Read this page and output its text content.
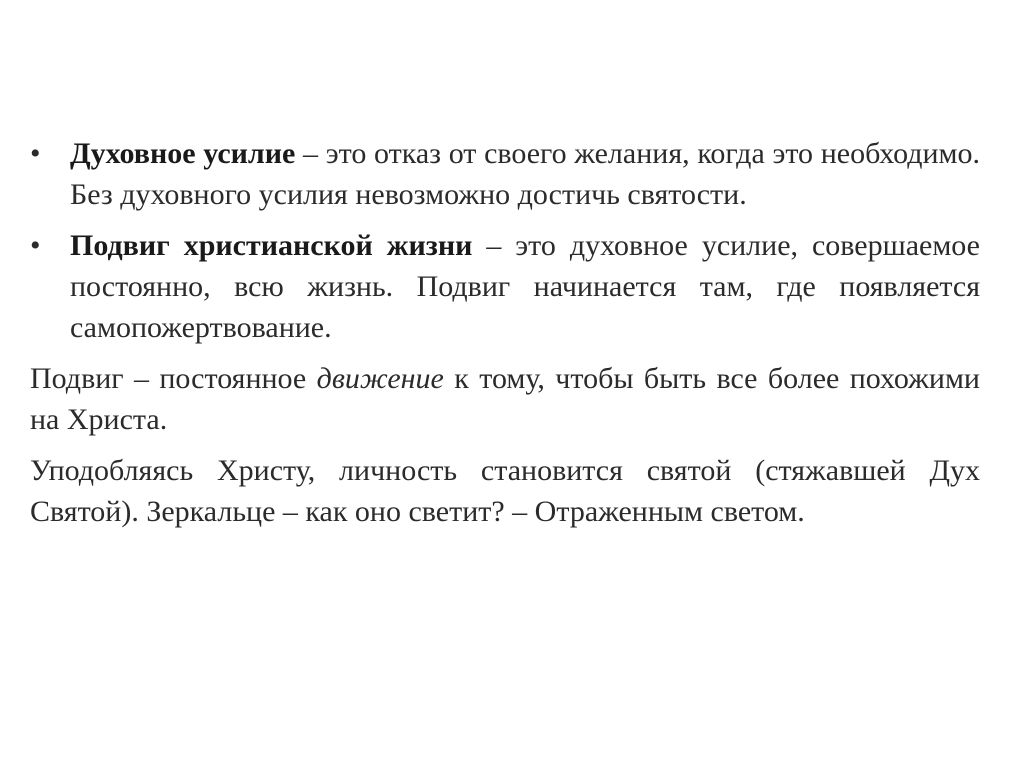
• Духовное усилие – это отказ от своего желания, когда это необходимо. Без духовного усилия невозможно достичь святости.
• Подвиг христианской жизни – это духовное усилие, совершаемое постоянно, всю жизнь. Подвиг начинается там, где появляется самопожертвование.
Подвиг – постоянное движение к тому, чтобы быть все более похожими на Христа.
Уподобляясь Христу, личность становится святой (стяжавшей Дух Святой). Зеркальце – как оно светит? – Отраженным светом.
